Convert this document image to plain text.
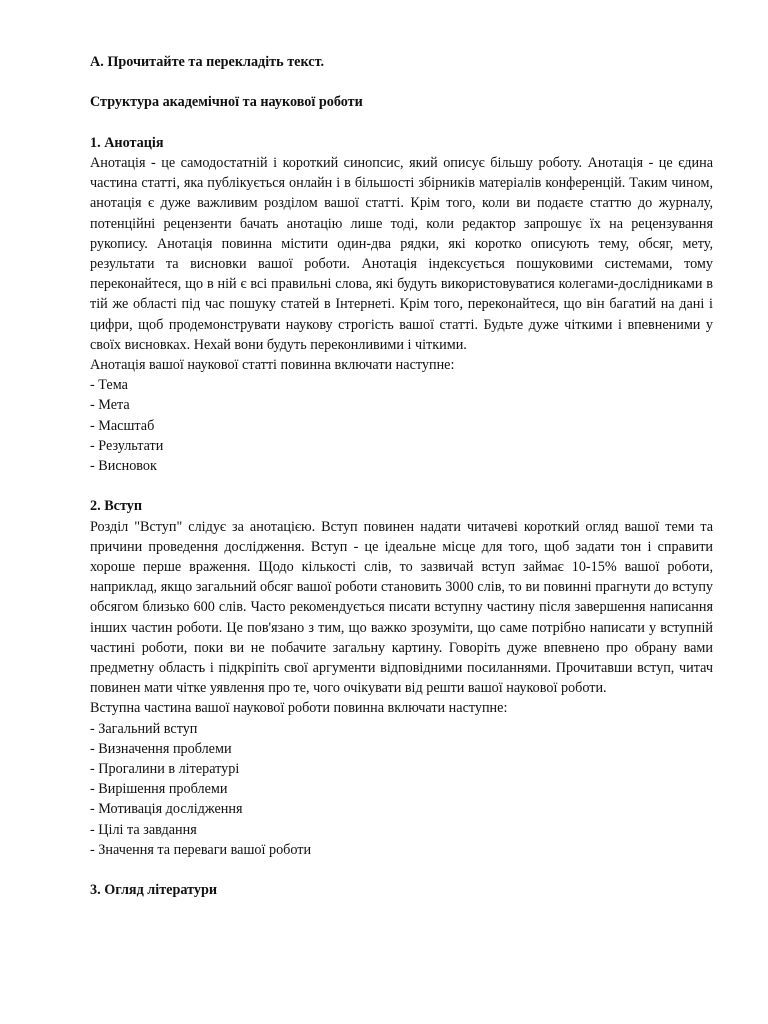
А. Прочитайте та перекладіть текст.

Структура академічної та наукової роботи

1. Анотація

Анотація - це самодостатній і короткий синопсис, який описує більшу роботу. Анотація - це єдина частина статті, яка публікується онлайн і в більшості збірників матеріалів конференцій. Таким чином, анотація є дуже важливим розділом вашої статті. Крім того, коли ви подаєте статтю до журналу, потенційні рецензенти бачать анотацію лише тоді, коли редактор запрошує їх на рецензування рукопису. Анотація повинна містити один-два рядки, які коротко описують тему, обсяг, мету, результати та висновки вашої роботи. Анотація індексується пошуковими системами, тому переконайтеся, що в ній є всі правильні слова, які будуть використовуватися колегами-дослідниками в тій же області під час пошуку статей в Інтернеті. Крім того, переконайтеся, що він багатий на дані і цифри, щоб продемонструвати наукову строгість вашої статті. Будьте дуже чіткими і впевненими у своїх висновках. Нехай вони будуть переконливими і чіткими.

Анотація вашої наукової статті повинна включати наступне:

- Тема
- Мета
- Масштаб
- Результати
- Висновок

2. Вступ

Розділ "Вступ" слідує за анотацією. Вступ повинен надати читачеві короткий огляд вашої теми та причини проведення дослідження. Вступ - це ідеальне місце для того, щоб задати тон і справити хороше перше враження. Щодо кількості слів, то зазвичай вступ займає 10-15% вашої роботи, наприклад, якщо загальний обсяг вашої роботи становить 3000 слів, то ви повинні прагнути до вступу обсягом близько 600 слів. Часто рекомендується писати вступну частину після завершення написання інших частин роботи. Це пов'язано з тим, що важко зрозуміти, що саме потрібно написати у вступній частині роботи, поки ви не побачите загальну картину. Говоріть дуже впевнено про обрану вами предметну область і підкріпіть свої аргументи відповідними посиланнями. Прочитавши вступ, читач повинен мати чітке уявлення про те, чого очікувати від решти вашої наукової роботи.

Вступна частина вашої наукової роботи повинна включати наступне:

- Загальний вступ
- Визначення проблеми
- Прогалини в літературі
- Вирішення проблеми
- Мотивація дослідження
- Цілі та завдання
- Значення та переваги вашої роботи

3. Огляд літератури
